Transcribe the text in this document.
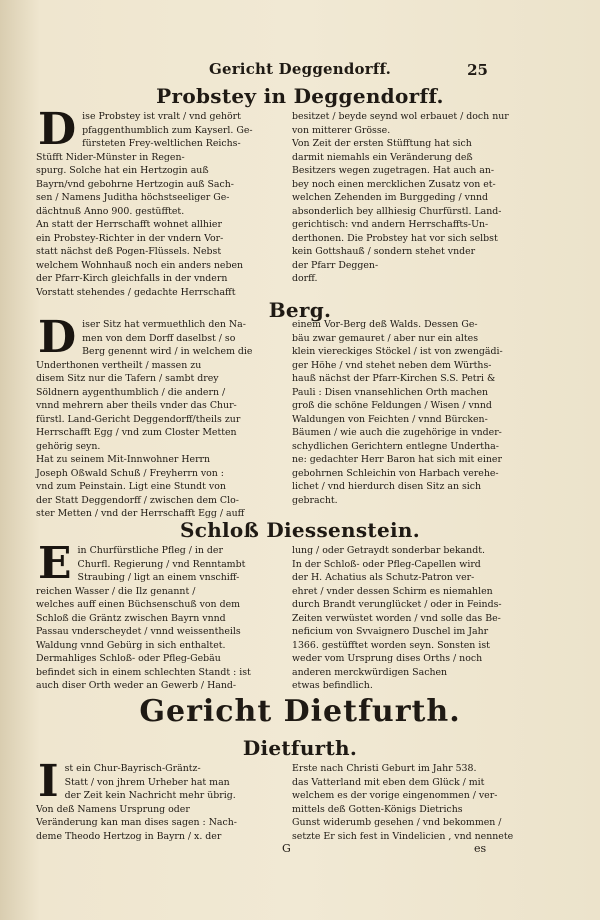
Gericht Deggendorff.	25
Probstey in Deggendorff.
D ise Probstey ist vralt / vnd gehört

pfaggenthumblich zum Kayserl. Ge-

fürsteten Frey-weltlichen Reichs-

Stüfft Nider-Münster in Regen-

spurg. Solche hat ein Hertzogin auß

Bayrn/vnd gebohrne Hertzogin auß Sach-

sen / Namens Juditha höchstseeliger Ge-

dächtnuß Anno 900. gestüfftet.

An statt der Herrschafft wohnet allhier

ein Probstey-Richter in der vndern Vor-

statt nächst deß Pogen-Flüssels. Nebst

welchem Wohnhauß noch ein anders neben

der Pfarr-Kirch gleichfalls in der vndern

Vorstatt stehendes / gedachte Herrschafft

besitzet / beyde seynd wol erbauet / doch nur

von mitterer Grösse.

Von Zeit der ersten Stüfftung hat sich

darmit niemahls ein Veränderung deß

Besitzers wegen zugetragen. Hat auch an-

bey noch einen mercklichen Zusatz von et-

welchen Zehenden im Burggeding / vnnd

absonderlich bey allhiesig Churfürstl. Land-

gerichtisch: vnd andern Herrschaffts-Un-

derthonen. Die Probstey hat vor sich selbst

kein Gottshauß / sondern stehet vnder

der Pfarr Deggen-

dorff.

Berg.
D iser Sitz hat vermuethlich den Na-

men von dem Dorff daselbst / so

Berg genennt wird / in welchem die

Underthonen vertheilt / massen zu

disem Sitz nur die Tafern / sambt drey

Söldnern aygenthumblich / die andern /

vnnd mehrern aber theils vnder das Chur-

fürstl. Land-Gericht Deggendorff/theils zur

Herrschafft Egg / vnd zum Closter Metten

gehörig seyn.

Hat zu seinem Mit-Innwohner Herrn

Joseph Oßwald Schuß / Freyherrn von :

vnd zum Peinstain. Ligt eine Stundt von

der Statt Deggendorff / zwischen dem Clo-

ster Metten / vnd der Herrschafft Egg / auff

einem Vor-Berg deß Walds. Dessen Ge-

bäu zwar gemauret / aber nur ein altes

klein viereckiges Stöckel / ist von zwengädi-

ger Höhe / vnd stehet neben dem Würths-

hauß nächst der Pfarr-Kirchen S.S. Petri &

Pauli : Disen vnansehlichen Orth machen

groß die schöne Feldungen / Wisen / vnnd

Waldungen von Feichten / vnnd Bürcken-

Bäumen / wie auch die zugehörige in vnder-

schydlichen Gerichtern entlegne Undertha-

ne: gedachter Herr Baron hat sich mit einer

gebohrnen Schleichin von Harbach verehe-

lichet / vnd hierdurch disen Sitz an sich

gebracht.

Schloß Diessenstein.
E in Churfürstliche Pfleg / in der

Churfl. Regierung / vnd Renntambt

Straubing / ligt an einem vnschiff-

reichen Wasser / die Ilz genannt /

welches auff einen Büchsenschuß von dem

Schloß die Gräntz zwischen Bayrn vnnd

Passau vnderscheydet / vnnd weissentheils

Waldung vnnd Gebürg in sich enthaltet.

Dermahliges Schloß- oder Pfleg-Gebäu

befindet sich in einem schlechten Standt : ist

auch diser Orth weder an Gewerb / Hand-

lung / oder Getraydt sonderbar bekandt.

In der Schloß- oder Pfleg-Capellen wird

der H. Achatius als Schutz-Patron ver-

ehret / vnder dessen Schirm es niemahlen

durch Brandt verunglücket / oder in Feinds-

Zeiten verwüstet worden / vnd solle das Be-

neficium von Svvaignero Duschel im Jahr

1366. gestüfftet worden seyn. Sonsten ist

weder vom Ursprung dises Orths / noch

anderen merckwürdigen Sachen

etwas befindlich.

Gericht Dietfurth.
Dietfurth.
I st ein Chur-Bayrisch-Gräntz-

Statt / von jhrem Urheber hat man

der Zeit kein Nachricht mehr übrig.

Von deß Namens Ursprung oder

Veränderung kan man dises sagen : Nach-

deme Theodo Hertzog in Bayrn / x. der

Erste nach Christi Geburt im Jahr 538.

das Vatterland mit eben dem Glück / mit

welchem es der vorige eingenommen / ver-

mittels deß Gotten-Königs Dietrichs

Gunst widerumb gesehen / vnd bekommen /

setzte Er sich fest in Vindelicien , vnd nennete

G	es
